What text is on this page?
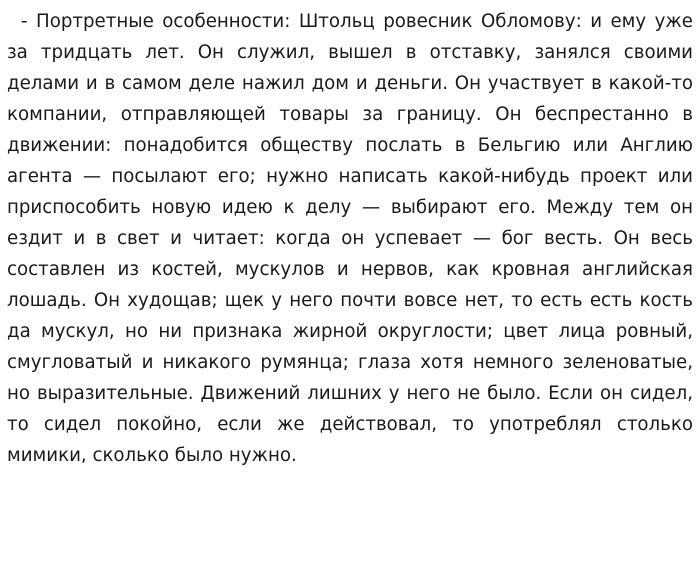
- Портретные особенности: Штольц ровесник Обломову: и ему уже за тридцать лет. Он служил, вышел в отставку, занялся своими делами и в самом деле нажил дом и деньги. Он участвует в какой-то компании, отправляющей товары за границу. Он беспрестанно в движении: понадобится обществу послать в Бельгию или Англию агента — посылают его; нужно написать какой-нибудь проект или приспособить новую идею к делу — выбирают его. Между тем он ездит и в свет и читает: когда он успевает — бог весть. Он весь составлен из костей, мускулов и нервов, как кровная английская лошадь. Он худощав; щек у него почти вовсе нет, то есть есть кость да мускул, но ни признака жирной округлости; цвет лица ровный, смугловатый и никакого румянца; глаза хотя немного зеленоватые, но выразительные. Движений лишних у него не было. Если он сидел, то сидел покойно, если же действовал, то употреблял столько мимики, сколько было нужно.
